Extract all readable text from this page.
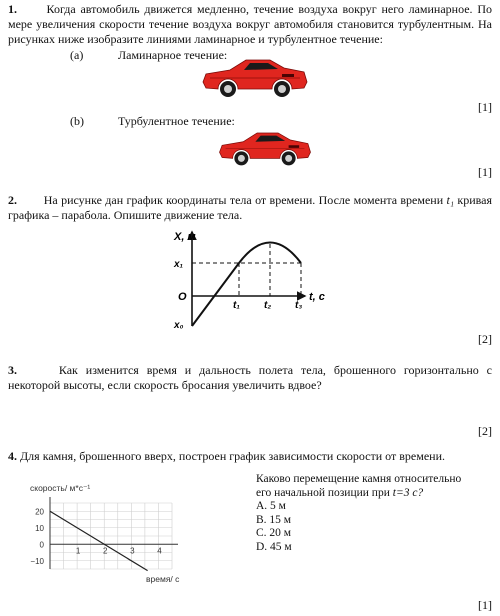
1. Когда автомобиль движется медленно, течение воздуха вокруг него ламинарное. По мере увеличения скорости течение воздуха вокруг автомобиля становится турбулентным. На рисунках ниже изобразите линиями ламинарное и турбулентное течение:
(a)	Ламинарное течение:
[1]
(b)	Турбулентное течение:
[1]
2. На рисунке дан график координаты тела от времени. После момента времени t₁ кривая графика – парабола. Опишите движение тела.
X, м
x₁
O
x₀
t₁ t₂ t₃
t, c
[2]
3.	Как изменится время и дальность полета тела, брошенного горизонтально с некоторой высоты, если скорость бросания увеличить вдвое?
[2]
4. Для камня, брошенного вверх, построен график зависимости скорости от времени.
скорость/ м*с⁻¹
20
10
0
−10
1	2	3	4
время/ с
Каково перемещение камня относительно
его начальной позиции при t=3 с?
A. 5 м
B. 15 м
C. 20 м
D. 45 м
[1]
